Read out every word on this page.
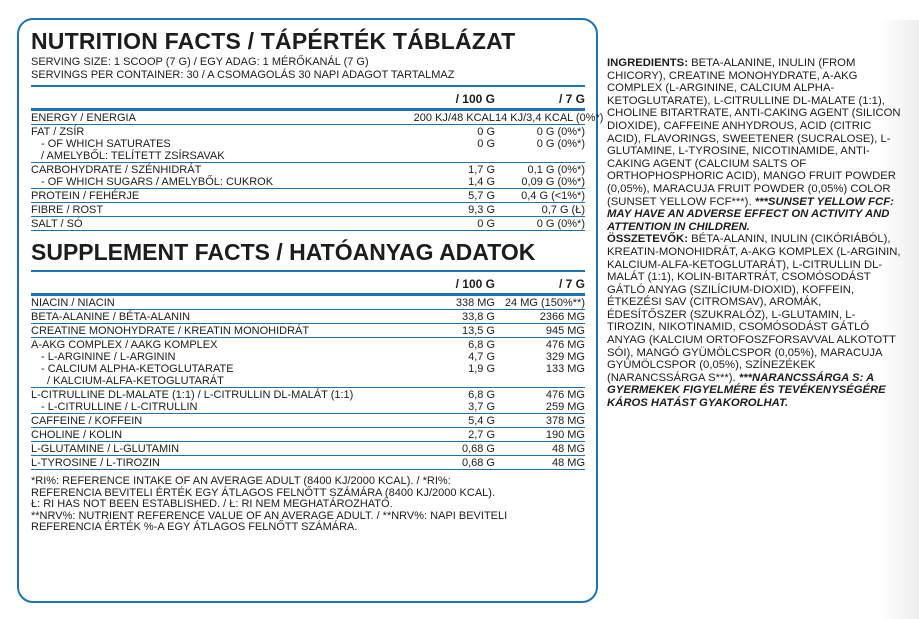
NUTRITION FACTS / TÁPÉRTÉK TÁBLÁZAT
SERVING SIZE: 1 SCOOP (7 G) / EGY ADAG: 1 MÉRŐKANÁL (7 G)
SERVINGS PER CONTAINER: 30 / A CSOMAGOLÁS 30 NAPI ADAGOT TARTALMAZ
/ 100 G	/ 7 G
ENERGY / ENERGIA	200 KJ/48 KCAL 14 KJ/3,4 KCAL (0%*)
FAT / ZSÍR	0 G	0 G (0%*)
- OF WHICH SATURATES	0 G	0 G (0%*)
/ AMELYBŐL: TELÍTETT ZSÍRSAVAK
CARBOHYDRATE / SZÉNHIDRÁT	1,7 G	0,1 G (0%*)
- OF WHICH SUGARS / AMELYBŐL: CUKROK	1,4 G	0,09 G (0%*)
PROTEIN / FEHÉRJE	5,7 G	0,4 G (<1%*)
FIBRE / ROST	9,3 G	0,7 G (Ł)
SALT / SÓ	0 G	0 G (0%*)
SUPPLEMENT FACTS / HATÓANYAG ADATOK
/ 100 G	/ 7 G
NIACIN / NIACIN	338 MG 24 MG (150%**)
BETA-ALANINE / BÉTA-ALANIN	33,8 G	2366 MG
CREATINE MONOHYDRATE / KREATIN MONOHIDRÁT	13,5 G	945 MG
A-AKG COMPLEX / AAKG KOMPLEX	6,8 G	476 MG
- L-ARGININE / L-ARGININ	4,7 G	329 MG
- CALCIUM ALPHA-KETOGLUTARATE	1,9 G	133 MG
/ KALCIUM-ALFA-KETOGLUTARÁT
L-CITRULLINE DL-MALATE (1:1) / L-CITRULLIN DL-MALÁT (1:1)	6,8 G	476 MG
- L-CITRULLINE / L-CITRULLIN	3,7 G	259 MG
CAFFEINE / KOFFEIN	5,4 G	378 MG
CHOLINE / KOLIN	2,7 G	190 MG
L-GLUTAMINE / L-GLUTAMIN	0,68 G	48 MG
L-TYROSINE / L-TIROZIN	0,68 G	48 MG
*RI%: REFERENCE INTAKE OF AN AVERAGE ADULT (8400 KJ/2000 KCAL). / *RI%:
REFERENCIA BEVITELI ÉRTÉK EGY ÁTLAGOS FELNŐTT SZÁMÁRA (8400 KJ/2000 KCAL).
Ł: RI HAS NOT BEEN ESTABLISHED. / Ł: RI NEM MEGHATÁROZHATÓ.
**NRV%: NUTRIENT REFERENCE VALUE OF AN AVERAGE ADULT. / **NRV%: NAPI BEVITELI
REFERENCIA ÉRTÉK %-A EGY ÁTLAGOS FELNŐTT SZÁMÁRA.

INGREDIENTS: BETA-ALANINE, INULIN (FROM CHICORY), CREATINE MONOHYDRATE, A-AKG COMPLEX (L-ARGININE, CALCIUM ALPHA-KETOGLUTARATE), L-CITRULLINE DL-MALATE (1:1), CHOLINE BITARTRATE, ANTI-CAKING AGENT (SILICON DIOXIDE), CAFFEINE ANHYDROUS, ACID (CITRIC ACID), FLAVORINGS, SWEETENER (SUCRALOSE), L-GLUTAMINE, L-TYROSINE, NICOTINAMIDE, ANTI-CAKING AGENT (CALCIUM SALTS OF ORTHOPHOSPHORIC ACID), MANGO FRUIT POWDER (0,05%), MARACUJA FRUIT POWDER (0,05%) COLOR (SUNSET YELLOW FCF***). ***SUNSET YELLOW FCF: MAY HAVE AN ADVERSE EFFECT ON ACTIVITY AND ATTENTION IN CHILDREN.

ÖSSZETEVŐK: BÉTA-ALANIN, INULIN (CIKÓRIÁBÓL), KREATIN-MONOHIDRÁT, A-AKG KOMPLEX (L-ARGININ, KALCIUM-ALFA-KETOGLUTARÁT), L-CITRULLIN DL-MALÁT (1:1), KOLIN-BITARTRÁT, CSOMÓSODÁST GÁTLÓ ANYAG (SZILÍCIUM-DIOXID), KOFFEIN, ÉTKEZÉSI SAV (CITROMSAV), AROMÁK, ÉDESÍTŐSZER (SZUKRALÓZ), L-GLUTAMIN, L-TIROZIN, NIKOTINAMID, CSOMÓSODÁST GÁTLÓ ANYAG (KALCIUM ORTOFOSZFORSAVVAL ALKOTOTT SÓI), MANGÓ GYÜMÖLCSPOR (0,05%), MARACUJA GYÜMÖLCSPOR (0,05%), SZÍNEZÉKEK (NARANCSSÁRGA S***). ***NARANCSSÁRGA S: A GYERMEKEK FIGYELMÉRE ÉS TEVÉKENYSÉGÉRE KÁROS HATÁST GYAKOROLHAT.
